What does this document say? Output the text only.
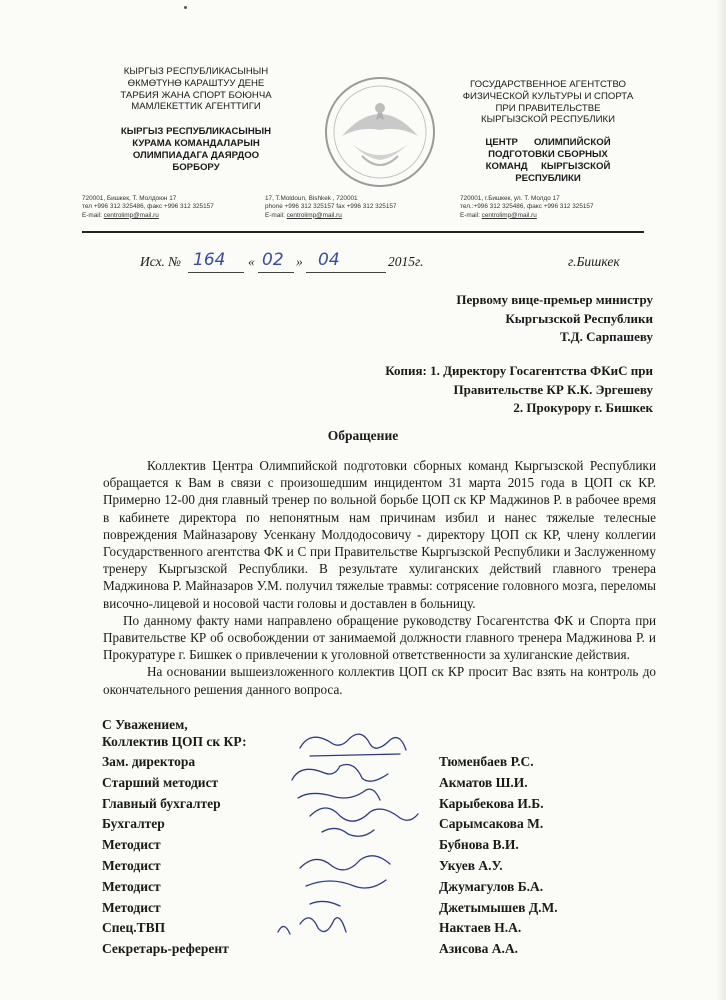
КЫРГЫЗ РЕСПУБЛИКАСЫНЫН
ӨКМӨТҮНӨ КАРАШТУУ ДЕНЕ
ТАРБИЯ ЖАНА СПОРТ БОЮНЧА
МАМЛЕКЕТТИК АГЕНТТИГИ
КЫРГЫЗ РЕСПУБЛИКАСЫНЫН
КУРАМА КОМАНДАЛАРЫН
ОЛИМПИАДАГА ДАЯРДОО
БОРБОРУ
ГОСУДАРСТВЕННОЕ АГЕНТСТВО
ФИЗИЧЕСКОЙ КУЛЬТУРЫ И СПОРТА
ПРИ ПРАВИТЕЛЬСТВЕ
КЫРГЫЗСКОЙ РЕСПУБЛИКИ
ЦЕНТР      ОЛИМПИЙСКОЙ
ПОДГОТОВКИ СБОРНЫХ
КОМАНД     КЫРГЫЗСКОЙ
РЕСПУБЛИКИ
720001, Бишкек, Т. Молдоюн 17
тел +996 312 325486, факс +996 312 325157
E-mail: centrolimp@mail.ru
17, T.Moldoun, Bishkek , 720001
phone +996 312 325157 fax +996 312 325157
E-mail: centrolimp@mail.ru
720001, г.Бишкек, ул. Т. Молдо 17
тел.:+996 312 325486, факс +996 312 325157
E-mail: centrolimp@mail.ru
Исх. № 164 « 02 » 04	2015г.	г.Бишкек
Первому вице-премьер министру
Кыргызской Республики
Т.Д. Сарпашеву
Копия: 1. Директору Госагентства ФКиС при
Правительстве КР К.К. Эргешеву
2. Прокурору г. Бишкек
Обращение

Коллектив Центра Олимпийской подготовки сборных команд Кыргызской Республики обращается к Вам в связи с произошедшим инцидентом 31 марта 2015 года в ЦОП ск КР. Примерно 12-00 дня главный тренер по вольной борьбе ЦОП ск КР Маджинов Р. в рабочее время в кабинете директора по непонятным нам причинам избил и нанес тяжелые телесные повреждения Майназарову Усенкану Молдодосовичу - директору ЦОП ск КР, члену коллегии Государственного агентства ФК и С при Правительстве Кыргызской Республики и Заслуженному тренеру Кыргызской Республики. В результате хулиганских действий главного тренера Маджинова Р. Майназаров У.М. получил тяжелые травмы: сотрясение головного мозга, переломы височно-лицевой и носовой части головы и доставлен в больницу.

По данному факту нами направлено обращение руководству Госагентства ФК и Спорта при Правительстве КР об освобождении от занимаемой должности главного тренера Маджинова Р. и Прокуратуре г. Бишкек о привлечении к уголовной ответственности за хулиганские действия.

На основании вышеизложенного коллектив ЦОП ск КР просит Вас взять на контроль до окончательного решения данного вопроса.

С Уважением,
Коллектив ЦОП ск КР:
Зам. директора	Тюменбаев Р.С.
Старший методист	Акматов Ш.И.
Главный бухгалтер	Карыбекова И.Б.
Бухгалтер	Сарымсакова М.
Методист	Бубнова В.И.
Методист	Укуев А.У.
Методист	Джумагулов Б.А.
Методист	Джетымышев Д.М.
Спец.ТВП	Нактаев Н.А.
Секретарь-референт	Азисова А.А.
